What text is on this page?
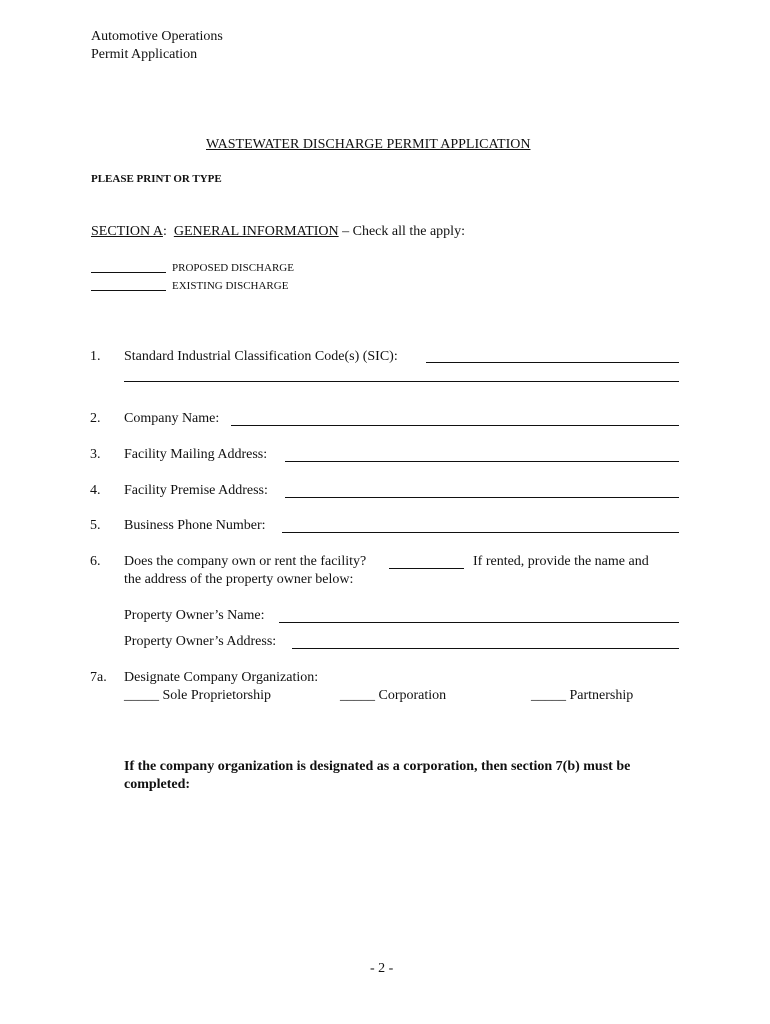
Automotive Operations
Permit Application
WASTEWATER DISCHARGE PERMIT APPLICATION
PLEASE PRINT OR TYPE
SECTION A: GENERAL INFORMATION – Check all the apply:
PROPOSED DISCHARGE
EXISTING DISCHARGE
1. Standard Industrial Classification Code(s) (SIC):
2. Company Name:
3. Facility Mailing Address:
4. Facility Premise Address:
5. Business Phone Number:
6. Does the company own or rent the facility?	If rented, provide the name and
the address of the property owner below:
Property Owner’s Name:
Property Owner’s Address:
7a. Designate Company Organization:
_____ Sole Proprietorship	_____ Corporation	_____ Partnership
If the company organization is designated as a corporation, then section 7(b) must be
completed:
- 2 -
